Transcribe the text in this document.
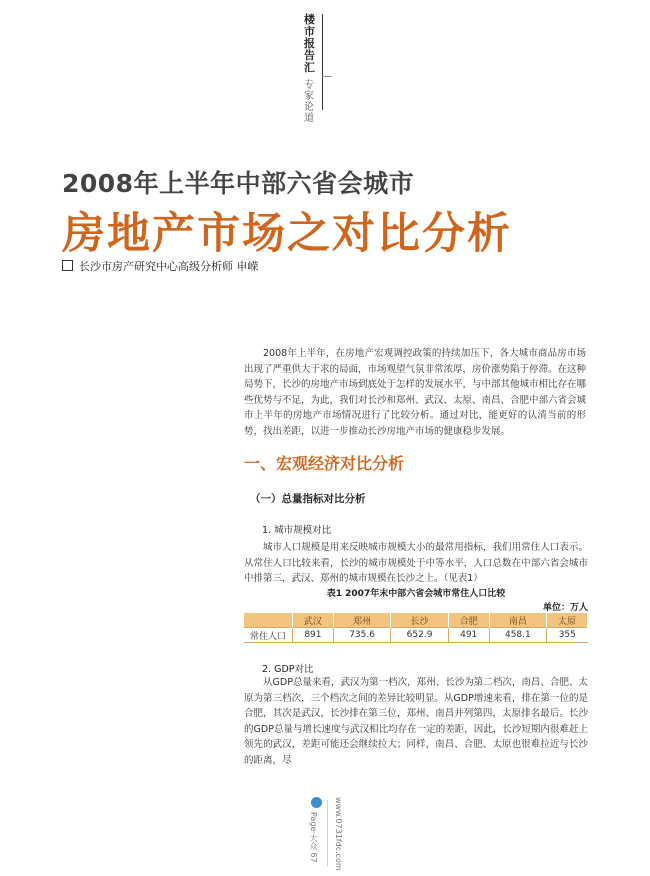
楼市报告汇
专家论道
2008年上半年中部六省会城市
房地产市场之对比分析
长沙市房产研究中心高级分析师 申嵘

2008年上半年，在房地产宏观调控政策的持续加压下，各大城市商品房市场出现了严重供大于求的局面，市场观望气氛非常浓厚，房价涨势陷于停滞。在这种局势下，长沙的房地产市场到底处于怎样的发展水平，与中部其他城市相比存在哪些优势与不足，为此，我们对长沙和郑州、武汉、太原、南昌、合肥中部六省会城市上半年的房地产市场情况进行了比较分析。通过对比，能更好的认清当前的形势，找出差距，以进一步推动长沙房地产市场的健康稳步发展。

一、宏观经济对比分析
（一）总量指标对比分析
1. 城市规模对比

城市人口规模是用来反映城市规模大小的最常用指标，我们用常住人口表示。从常住人口比较来看，长沙的城市规模处于中等水平，人口总数在中部六省会城市中排第三，武汉、郑州的城市规模在长沙之上。（见表1）

表1 2007年末中部六省会城市常住人口比较
单位：万人
	武汉	郑州	长沙	合肥	南昌	太原
常住人口	891	735.6	652.9	491	458.1	355
2. GDP对比

从GDP总量来看，武汉为第一档次，郑州、长沙为第二档次，南昌、合肥、太原为第三档次，三个档次之间的差异比较明显。从GDP增速来看，排在第一位的是合肥，其次是武汉，长沙排在第三位，郑州、南昌并列第四，太原排名最后。长沙的GDP总量与增长速度与武汉相比均存在一定的差距，因此，长沙短期内很难赶上领先的武汉，差距可能还会继续拉大；同样，南昌、合肥、太原也很难拉近与长沙的距离，尽

Page·大众 67 www.0731fdc.com
